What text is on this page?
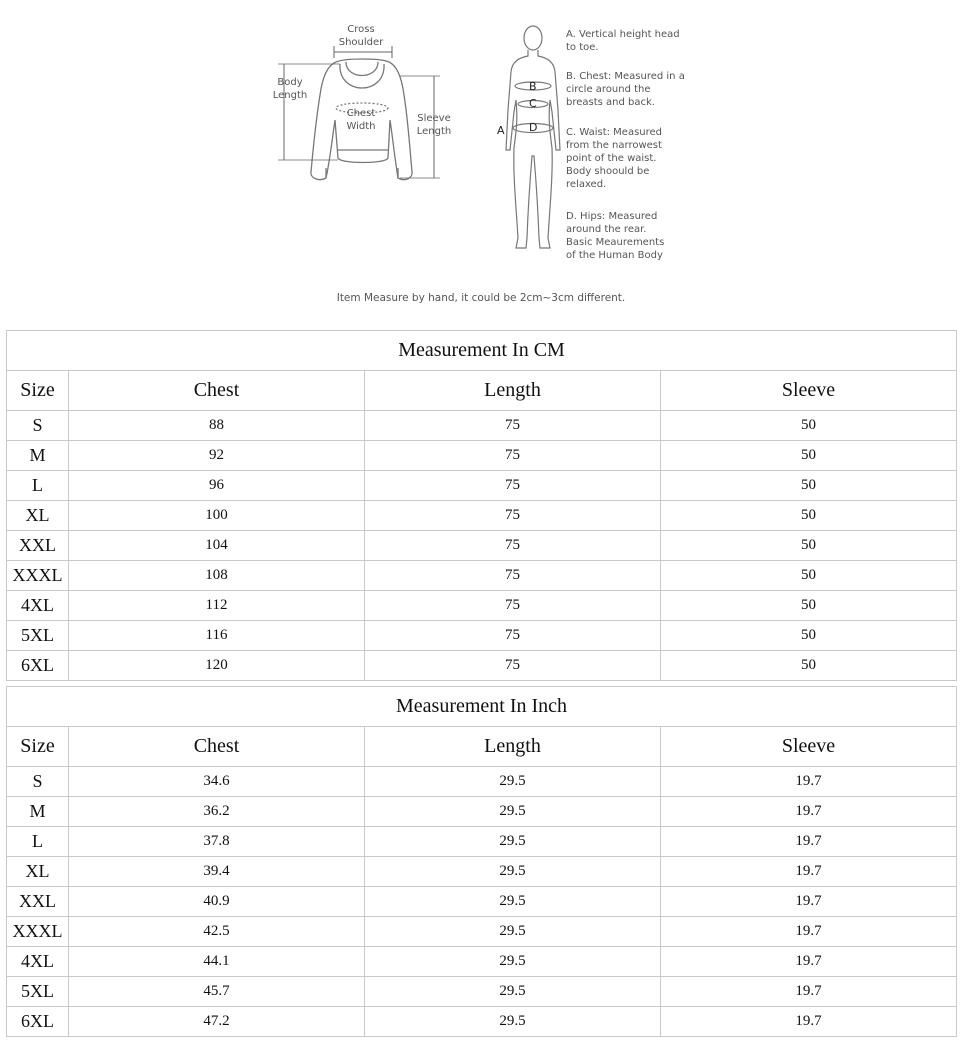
Cross
Shoulder
Body
Length
Chest
Width
Sleeve
Length	A
B
C
D
A. Vertical height head
to toe.
B. Chest: Measured in a
circle around the
breasts and back.
C. Waist: Measured
from the narrowest
point of the waist.
Body shoould be
relaxed.
D. Hips: Measured
around the rear.
Basic Meaurements
of the Human Body
Item Measure by hand, it could be 2cm~3cm different.
Measurement In CM			
Size	Chest	Length	Sleeve
S	88	75	50
M	92	75	50
L	96	75	50
XL	100	75	50
XXL	104	75	50
XXXL	108	75	50
4XL	112	75	50
5XL	116	75	50
6XL	120	75	50
Measurement In Inch			
Size	Chest	Length	Sleeve
S	34.6	29.5	19.7
M	36.2	29.5	19.7
L	37.8	29.5	19.7
XL	39.4	29.5	19.7
XXL	40.9	29.5	19.7
XXXL	42.5	29.5	19.7
4XL	44.1	29.5	19.7
5XL	45.7	29.5	19.7
6XL	47.2	29.5	19.7
